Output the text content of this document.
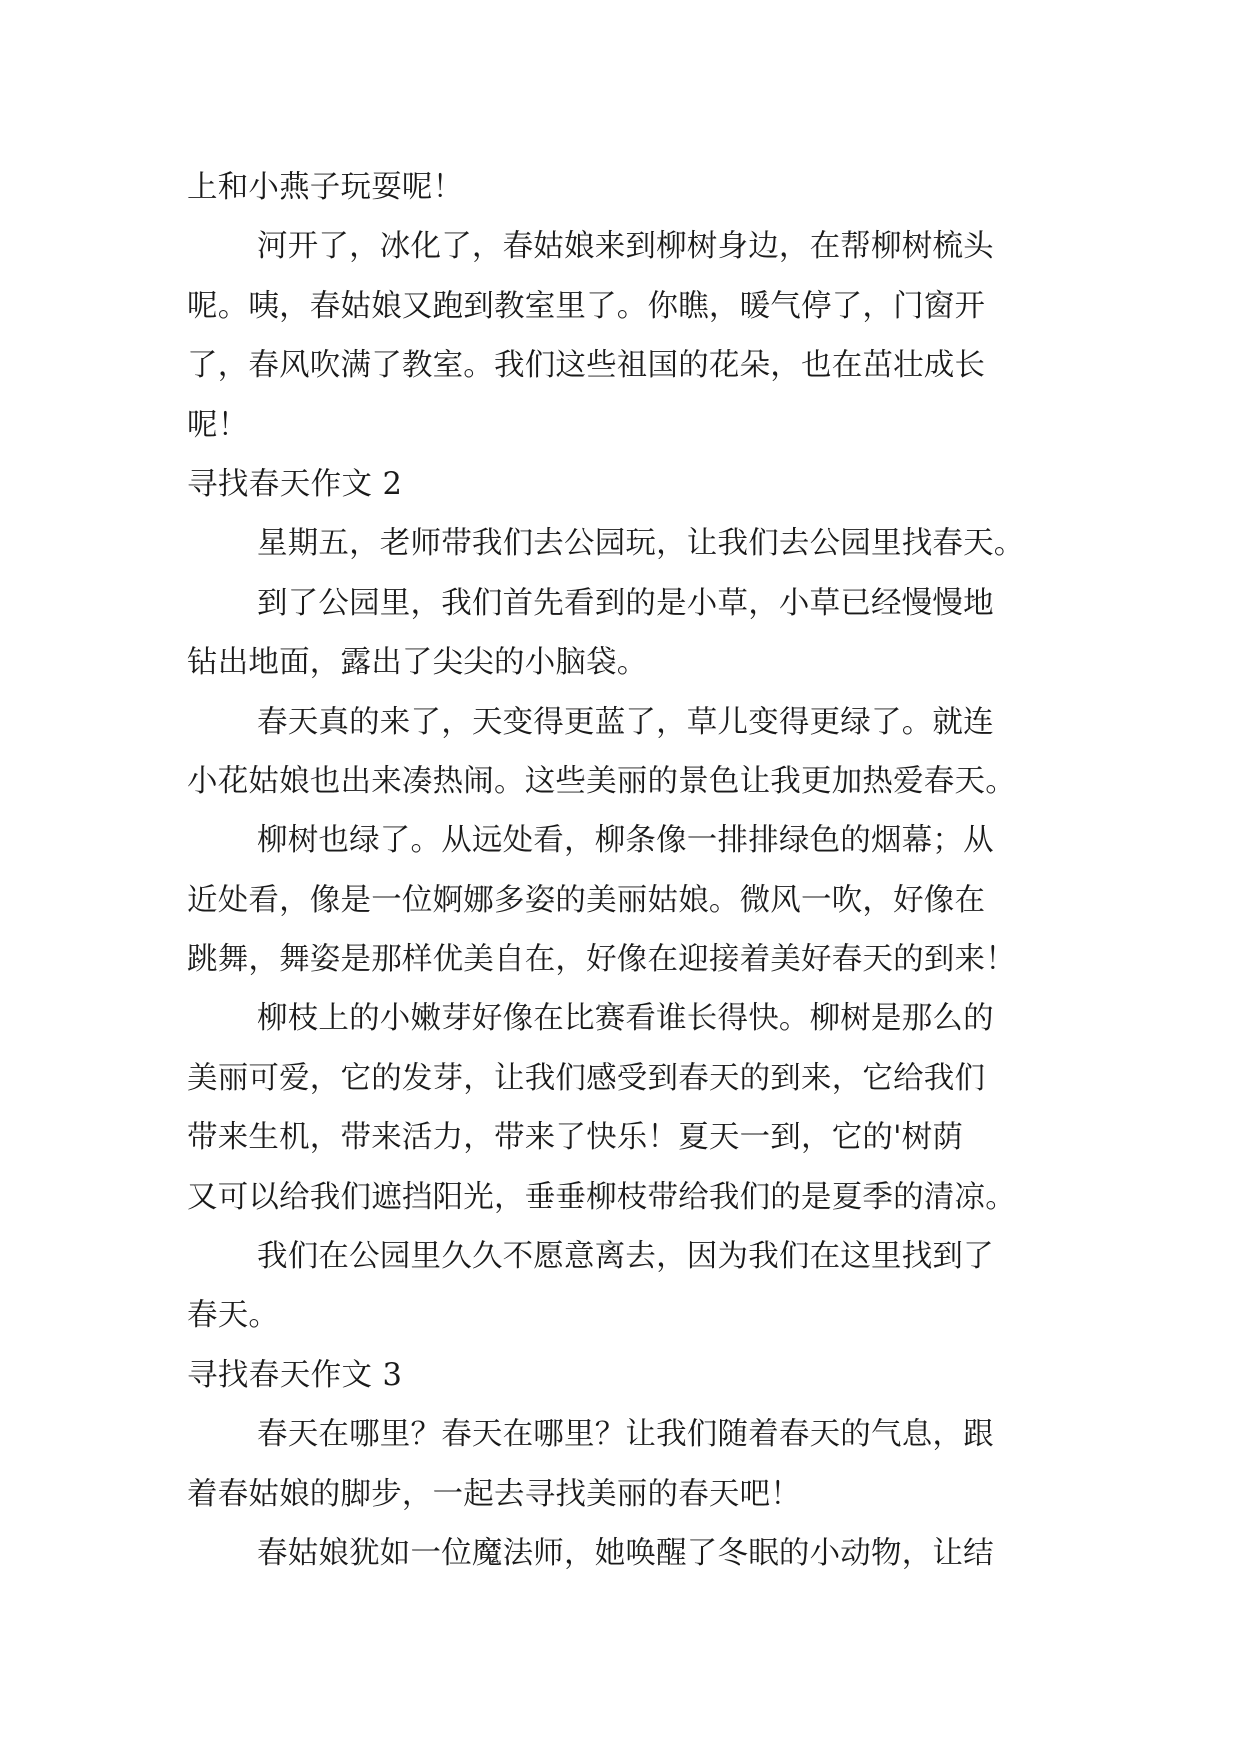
上和小燕子玩耍呢！
河开了，冰化了，春姑娘来到柳树身边，在帮柳树梳头
呢。咦，春姑娘又跑到教室里了。你瞧，暖气停了，门窗开
了，春风吹满了教室。我们这些祖国的花朵，也在茁壮成长
呢！
寻找春天作文 2
星期五，老师带我们去公园玩，让我们去公园里找春天。
到了公园里，我们首先看到的是小草，小草已经慢慢地
钻出地面，露出了尖尖的小脑袋。
春天真的来了，天变得更蓝了，草儿变得更绿了。就连
小花姑娘也出来凑热闹。这些美丽的景色让我更加热爱春天。
柳树也绿了。从远处看，柳条像一排排绿色的烟幕；从
近处看，像是一位婀娜多姿的美丽姑娘。微风一吹，好像在
跳舞，舞姿是那样优美自在，好像在迎接着美好春天的到来！
柳枝上的小嫩芽好像在比赛看谁长得快。柳树是那么的
美丽可爱，它的发芽，让我们感受到春天的到来，它给我们
带来生机，带来活力，带来了快乐！夏天一到，它的'树荫
又可以给我们遮挡阳光，垂垂柳枝带给我们的是夏季的清凉。
我们在公园里久久不愿意离去，因为我们在这里找到了
春天。
寻找春天作文 3
春天在哪里？春天在哪里？让我们随着春天的气息，跟
着春姑娘的脚步，一起去寻找美丽的春天吧！
春姑娘犹如一位魔法师，她唤醒了冬眠的小动物，让结
